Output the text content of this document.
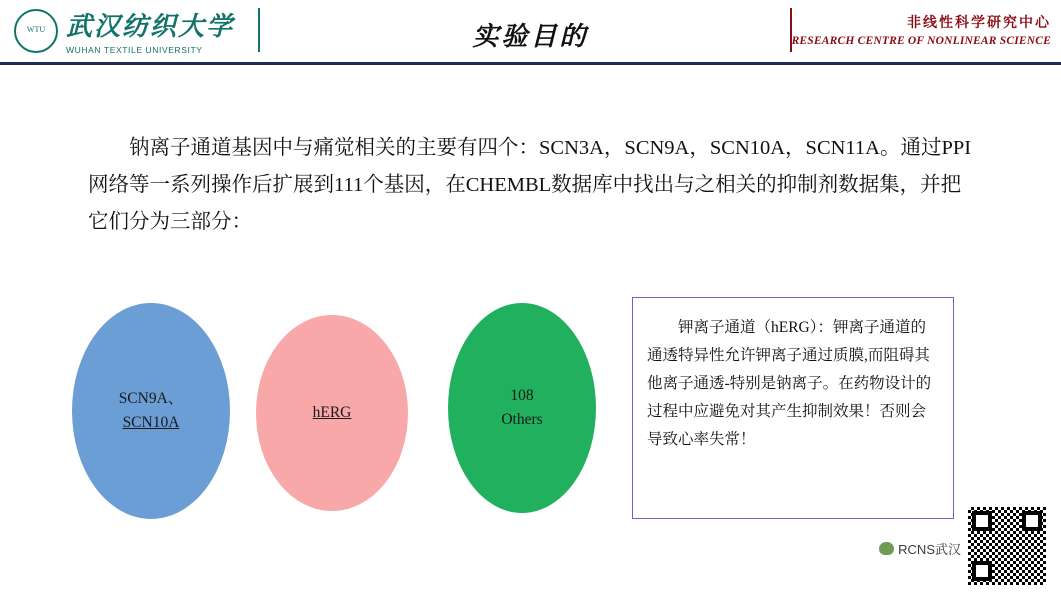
WTU 武汉纺织大学
WUHAN TEXTILE UNIVERSITY	实验目的	非线性科学研究中心
RESEARCH CENTRE OF NONLINEAR SCIENCE
钠离子通道基因中与痛觉相关的主要有四个：SCN3A，SCN9A，SCN10A，SCN11A。通过PPI网络等一系列操作后扩展到111个基因，在CHEMBL数据库中找出与之相关的抑制剂数据集，并把它们分为三部分：
SCN9A、
SCN10A
hERG
108
Others
钾离子通道（hERG）：钾离子通道的通透特异性允许钾离子通过质膜,而阻碍其他离子通透-特别是钠离子。在药物设计的过程中应避免对其产生抑制效果！否则会导致心率失常！
RCNS武汉
